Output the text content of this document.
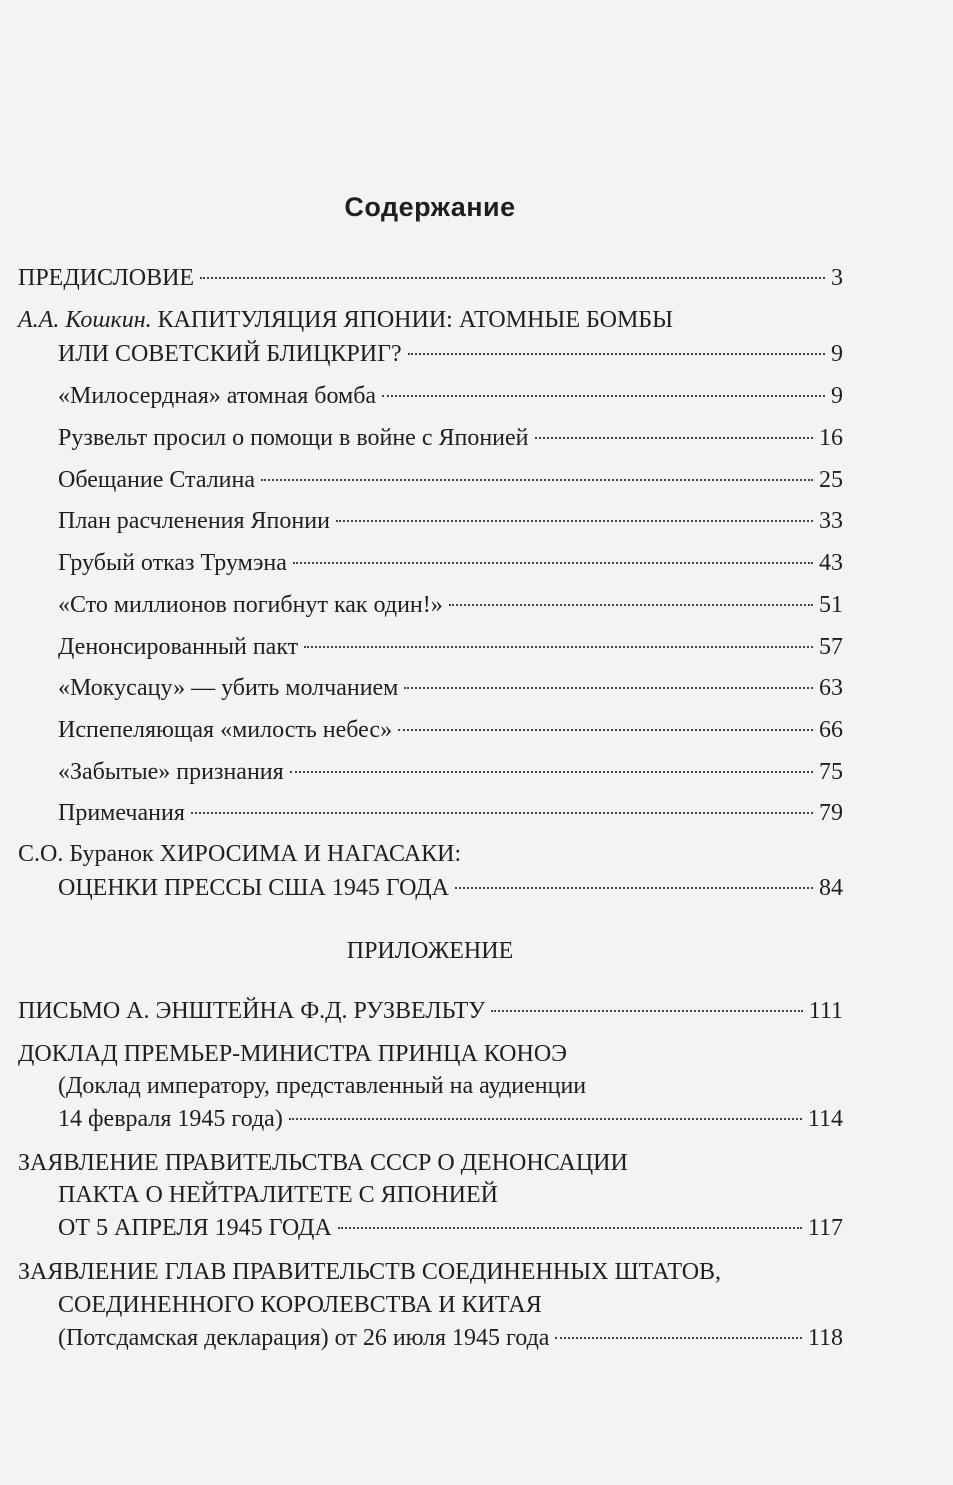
Содержание
ПРЕДИСЛОВИЕ	3
А.А. Кошкин. КАПИТУЛЯЦИЯ ЯПОНИИ: АТОМНЫЕ БОМБЫ
ИЛИ СОВЕТСКИЙ БЛИЦКРИГ?	9
«Милосердная» атомная бомба	9
Рузвельт просил о помощи в войне с Японией	16
Обещание Сталина	25
План расчленения Японии	33
Грубый отказ Трумэна	43
«Сто миллионов погибнут как один!»	51
Денонсированный пакт	57
«Мокусацу» — убить молчанием	63
Испепеляющая «милость небес»	66
«Забытые» признания	75
Примечания	79
С.О. Буранок ХИРОСИМА И НАГАСАКИ:
ОЦЕНКИ ПРЕССЫ США 1945 ГОДА	84
ПРИЛОЖЕНИЕ
ПИСЬМО А. ЭНШТЕЙНА Ф.Д. РУЗВЕЛЬТУ	111
ДОКЛАД ПРЕМЬЕР-МИНИСТРА ПРИНЦА КОНОЭ
(Доклад императору, представленный на аудиенции
14 февраля 1945 года)	114
ЗАЯВЛЕНИЕ ПРАВИТЕЛЬСТВА СССР О ДЕНОНСАЦИИ
ПАКТА О НЕЙТРАЛИТЕТЕ С ЯПОНИЕЙ
ОТ 5 АПРЕЛЯ 1945 ГОДА	117
ЗАЯВЛЕНИЕ ГЛАВ ПРАВИТЕЛЬСТВ СОЕДИНЕННЫХ ШТАТОВ,
СОЕДИНЕННОГО КОРОЛЕВСТВА И КИТАЯ
(Потсдамская декларация) от 26 июля 1945 года	118
